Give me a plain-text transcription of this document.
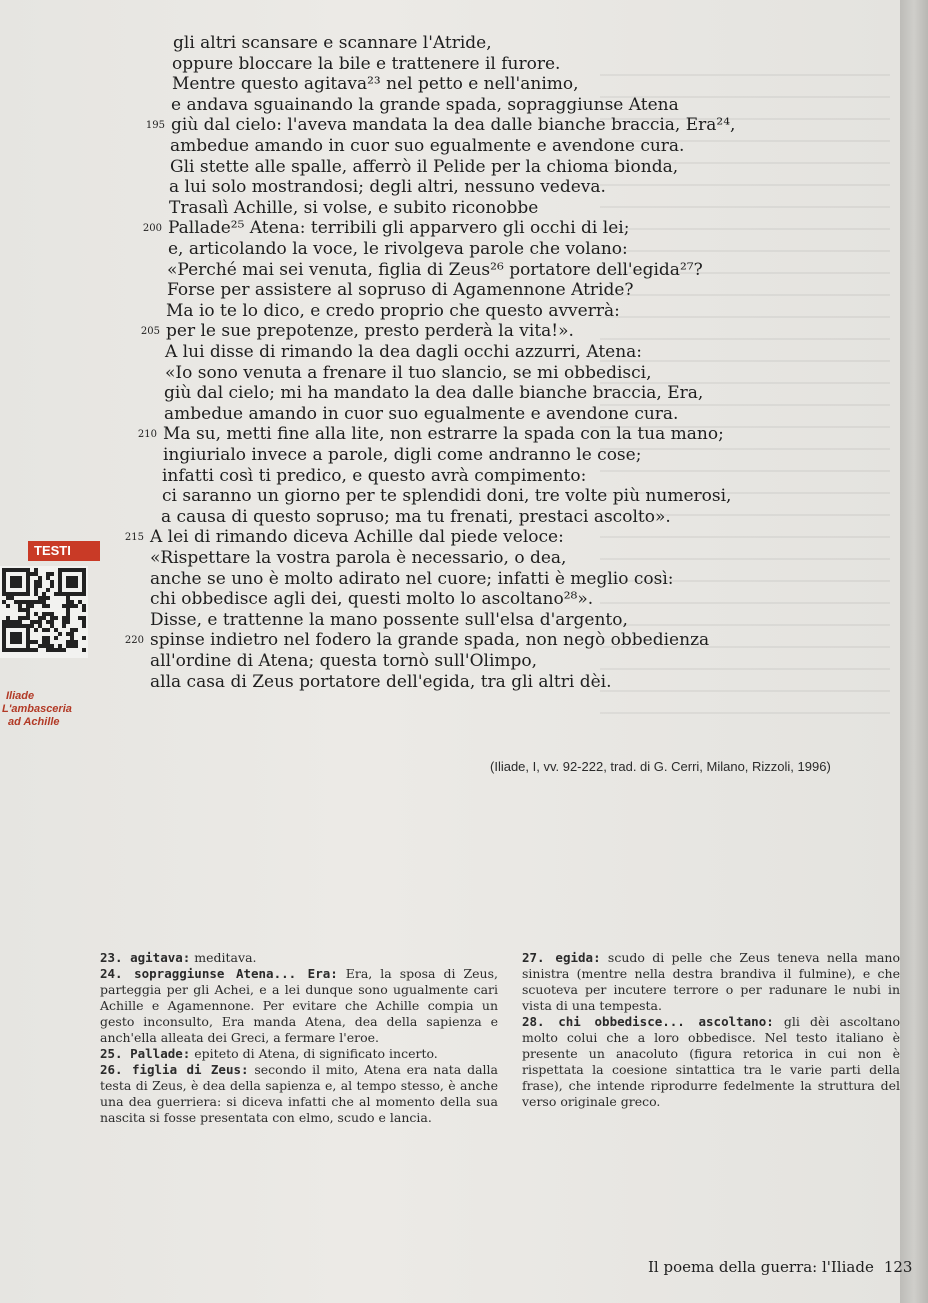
gli altri scansare e scannare l'Atride,
oppure bloccare la bile e trattenere il furore.
Mentre questo agitava²³ nel petto e nell'animo,
e andava sguainando la grande spada, sopraggiunse Atena
195 giù dal cielo: l'aveva mandata la dea dalle bianche braccia, Era²⁴,
ambedue amando in cuor suo egualmente e avendone cura.
Gli stette alle spalle, afferrò il Pelide per la chioma bionda,
a lui solo mostrandosi; degli altri, nessuno vedeva.
Trasalì Achille, si volse, e subito riconobbe
200 Pallade²⁵ Atena: terribili gli apparvero gli occhi di lei;
e, articolando la voce, le rivolgeva parole che volano:
«Perché mai sei venuta, figlia di Zeus²⁶ portatore dell'egida²⁷?
Forse per assistere al sopruso di Agamennone Atride?
Ma io te lo dico, e credo proprio che questo avverrà:
205 per le sue prepotenze, presto perderà la vita!».
A lui disse di rimando la dea dagli occhi azzurri, Atena:
«Io sono venuta a frenare il tuo slancio, se mi obbedisci,
giù dal cielo; mi ha mandato la dea dalle bianche braccia, Era,
ambedue amando in cuor suo egualmente e avendone cura.
210 Ma su, metti fine alla lite, non estrarre la spada con la tua mano;
ingiurialo invece a parole, digli come andranno le cose;
infatti così ti predico, e questo avrà compimento:
ci saranno un giorno per te splendidi doni, tre volte più numerosi,
a causa di questo sopruso; ma tu frenati, prestaci ascolto».
215 A lei di rimando diceva Achille dal piede veloce:
«Rispettare la vostra parola è necessario, o dea,
anche se uno è molto adirato nel cuore; infatti è meglio così:
chi obbedisce agli dei, questi molto lo ascoltano²⁸».
Disse, e trattenne la mano possente sull'elsa d'argento,
220 spinse indietro nel fodero la grande spada, non negò obbedienza
all'ordine di Atena; questa tornò sull'Olimpo,
alla casa di Zeus portatore dell'egida, tra gli altri dèi.
(Iliade, I, vv. 92-222, trad. di G. Cerri, Milano, Rizzoli, 1996)
TESTI
Iliade
L'ambasceria
ad Achille

23. agitava: meditava.

24. sopraggiunse Atena... Era: Era, la sposa di Zeus, parteggia per gli Achei, e a lei dunque sono ugualmente cari Achille e Agamennone. Per evitare che Achille compia un gesto inconsulto, Era manda Atena, dea della sapienza e anch'ella alleata dei Greci, a fermare l'eroe.

25. Pallade: epiteto di Atena, di significato incerto.

26. figlia di Zeus: secondo il mito, Atena era nata dalla testa di Zeus, è dea della sapienza e, al tempo stesso, è anche una dea guerriera: si diceva infatti che al momento della sua nascita si fosse presentata con elmo, scudo e lancia.

27. egida: scudo di pelle che Zeus teneva nella mano sinistra (mentre nella destra brandiva il fulmine), e che scuoteva per incutere terrore o per radunare le nubi in vista di una tempesta.

28. chi obbedisce... ascoltano: gli dèi ascoltano molto colui che a loro obbedisce. Nel testo italiano è presente un anacoluto (figura retorica in cui non è rispettata la coesione sintattica tra le varie parti della frase), che intende riprodurre fedelmente la struttura del verso originale greco.

Il poema della guerra: l'Iliade 123
